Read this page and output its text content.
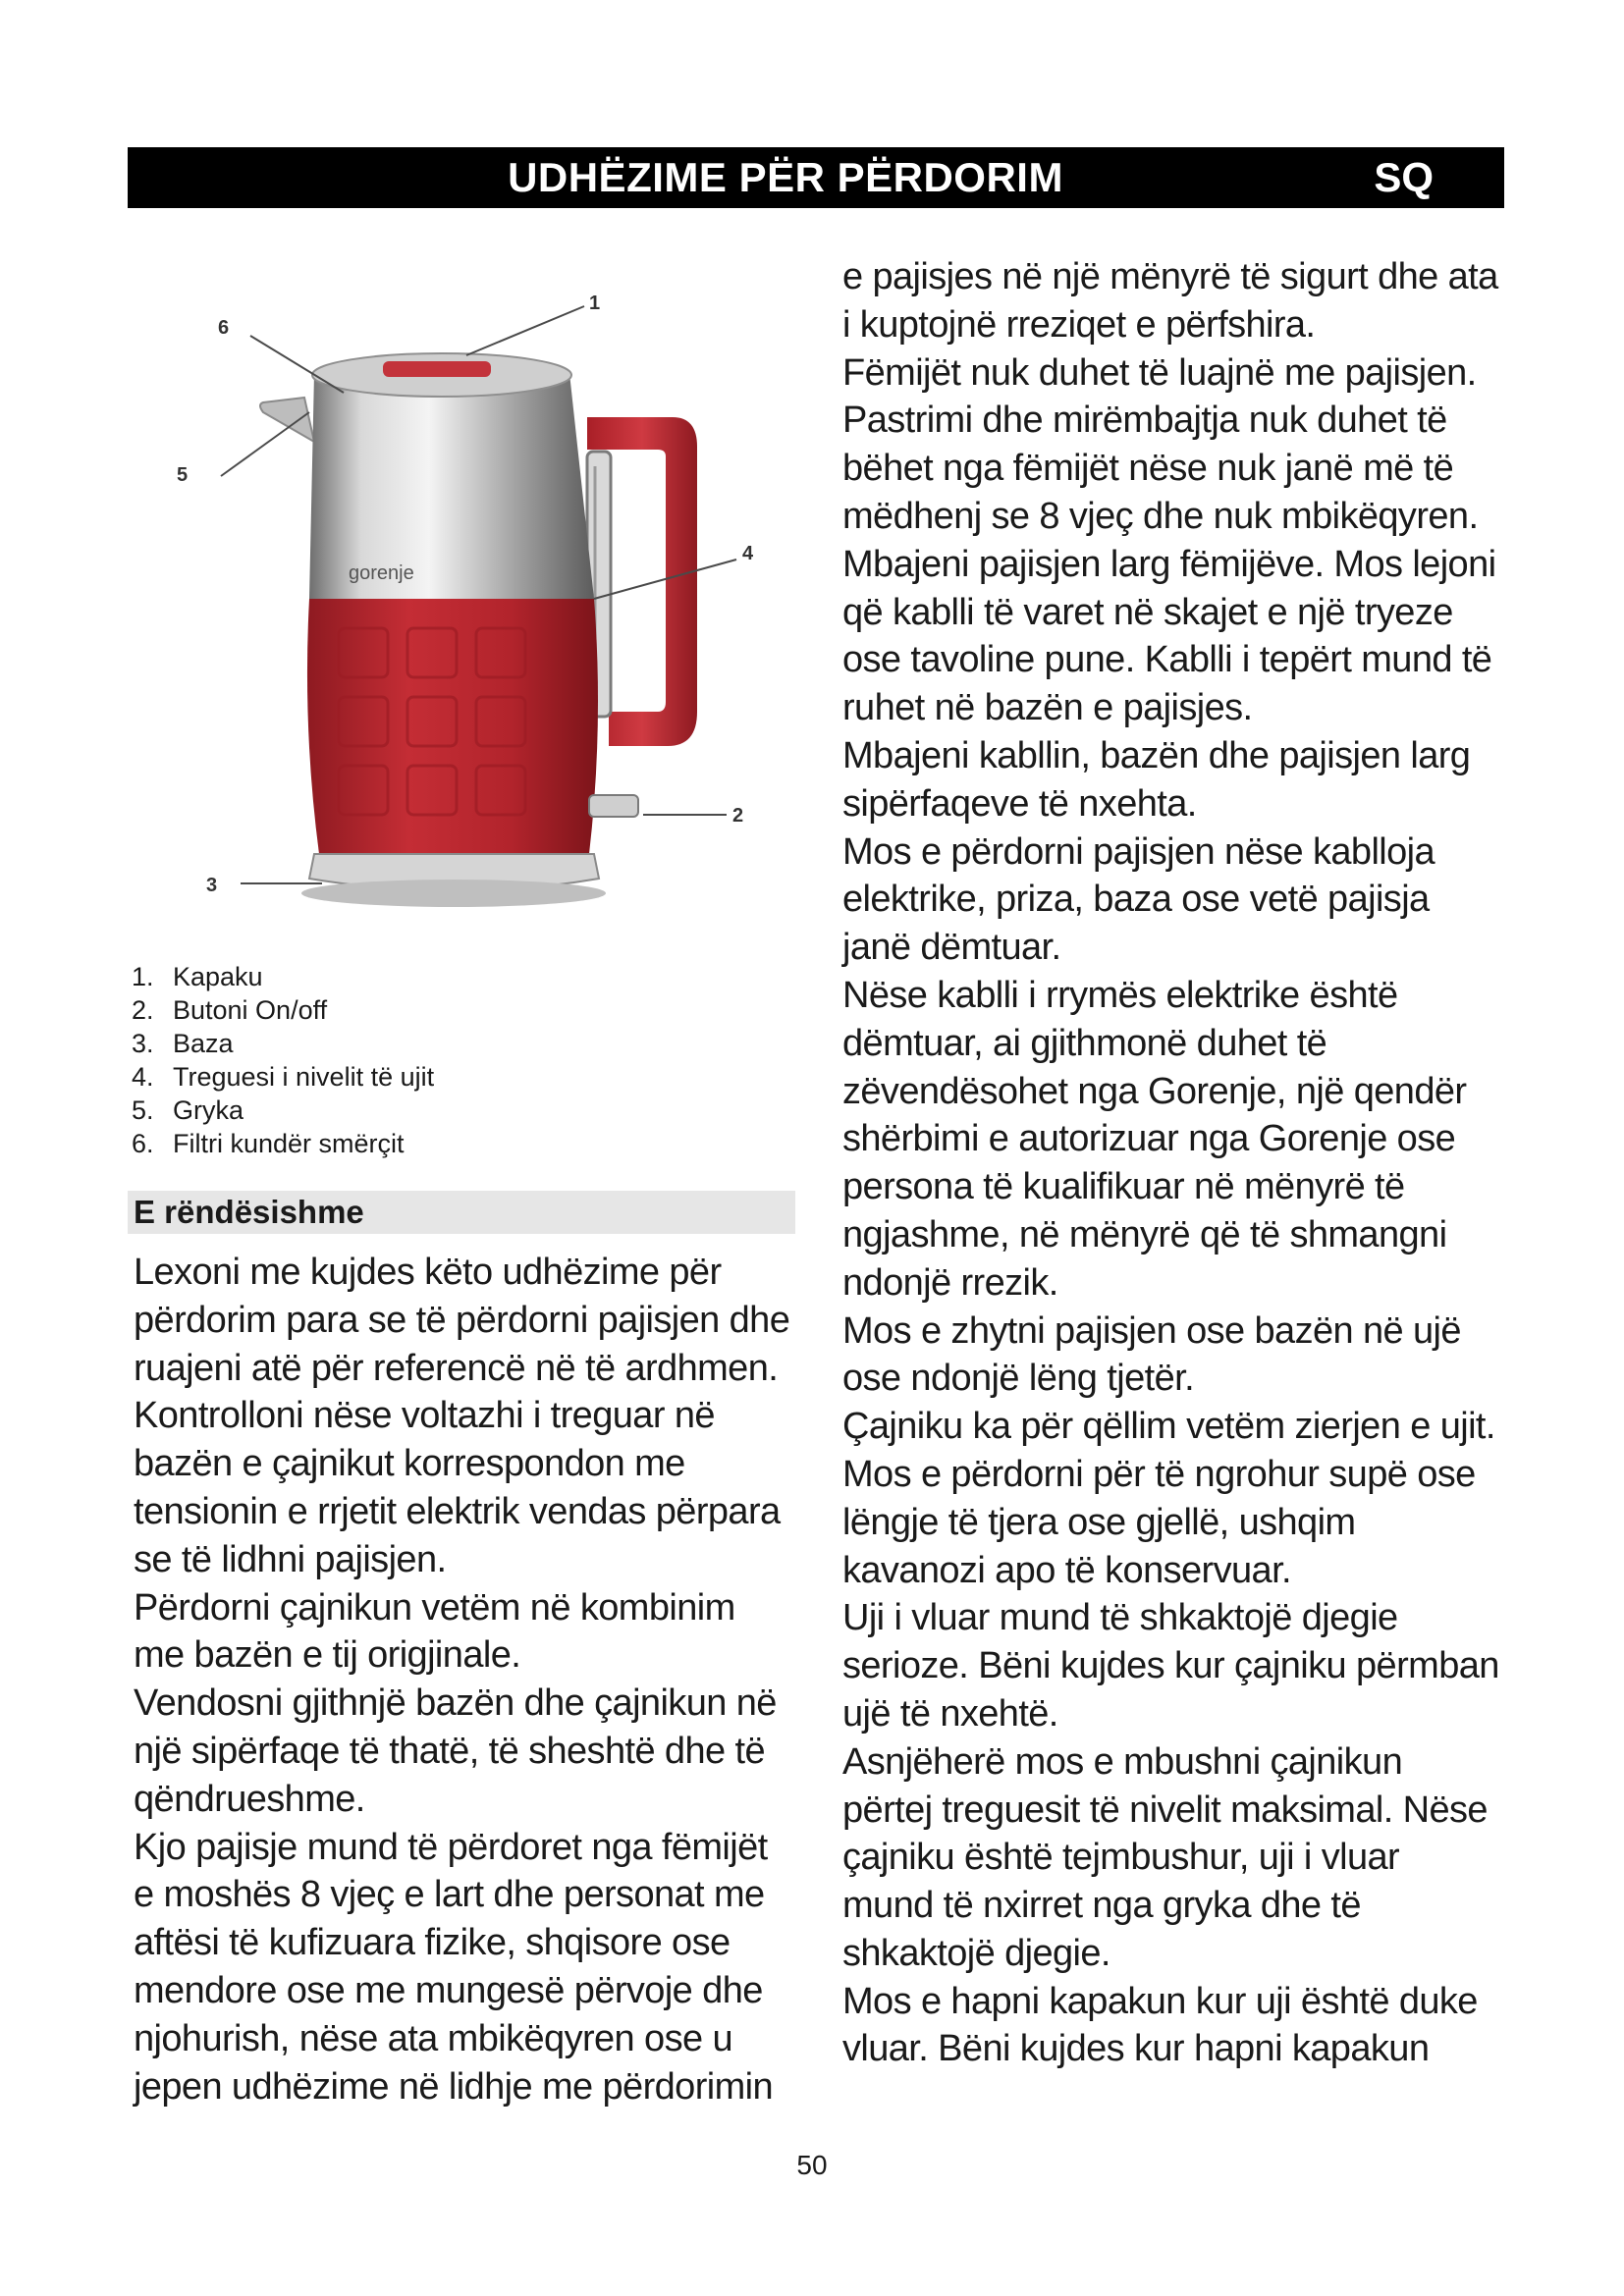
UDHËZIME PËR PËRDORIM	SQ
gorenje
1
2
3
4
5
6
1. Kapaku
2. Butoni On/off
3. Baza
4. Treguesi i nivelit të ujit
5. Gryka
6. Filtri kundër smërçit
E rëndësishme

Lexoni me kujdes këto udhëzime për
përdorim para se të përdorni pajisjen dhe
ruajeni atë për referencë në të ardhmen.

Kontrolloni nëse voltazhi i treguar në
bazën e çajnikut korrespondon me
tensionin e rrjetit elektrik vendas përpara
se të lidhni pajisjen.

Përdorni çajnikun vetëm në kombinim
me bazën e tij origjinale.

Vendosni gjithnjë bazën dhe çajnikun në
një sipërfaqe të thatë, të sheshtë dhe të
qëndrueshme.

Kjo pajisje mund të përdoret nga fëmijët
e moshës 8 vjeç e lart dhe personat me
aftësi të kufizuara fizike, shqisore ose
mendore ose me mungesë përvoje dhe
njohurish, nëse ata mbikëqyren ose u
jepen udhëzime në lidhje me përdorimin

e pajisjes në një mënyrë të sigurt dhe ata
i kuptojnë rreziqet e përfshira.

Fëmijët nuk duhet të luajnë me pajisjen.

Pastrimi dhe mirëmbajtja nuk duhet të
bëhet nga fëmijët nëse nuk janë më të
mëdhenj se 8 vjeç dhe nuk mbikëqyren.

Mbajeni pajisjen larg fëmijëve. Mos lejoni
që kablli të varet në skajet e një tryeze
ose tavoline pune. Kablli i tepërt mund të
ruhet në bazën e pajisjes.

Mbajeni kabllin, bazën dhe pajisjen larg
sipërfaqeve të nxehta.

Mos e përdorni pajisjen nëse kablloja
elektrike, priza, baza ose vetë pajisja
janë dëmtuar.

Nëse kablli i rrymës elektrike është
dëmtuar, ai gjithmonë duhet të
zëvendësohet nga Gorenje, një qendër
shërbimi e autorizuar nga Gorenje ose
persona të kualifikuar në mënyrë të
ngjashme, në mënyrë që të shmangni
ndonjë rrezik.

Mos e zhytni pajisjen ose bazën në ujë
ose ndonjë lëng tjetër.

Çajniku ka për qëllim vetëm zierjen e ujit.
Mos e përdorni për të ngrohur supë ose
lëngje të tjera ose gjellë, ushqim
kavanozi apo të konservuar.

Uji i vluar mund të shkaktojë djegie
serioze. Bëni kujdes kur çajniku përmban
ujë të nxehtë.

Asnjëherë mos e mbushni çajnikun
përtej treguesit të nivelit maksimal. Nëse
çajniku është tejmbushur, uji i vluar
mund të nxirret nga gryka dhe të
shkaktojë djegie.

Mos e hapni kapakun kur uji është duke
vluar. Bëni kujdes kur hapni kapakun

50
